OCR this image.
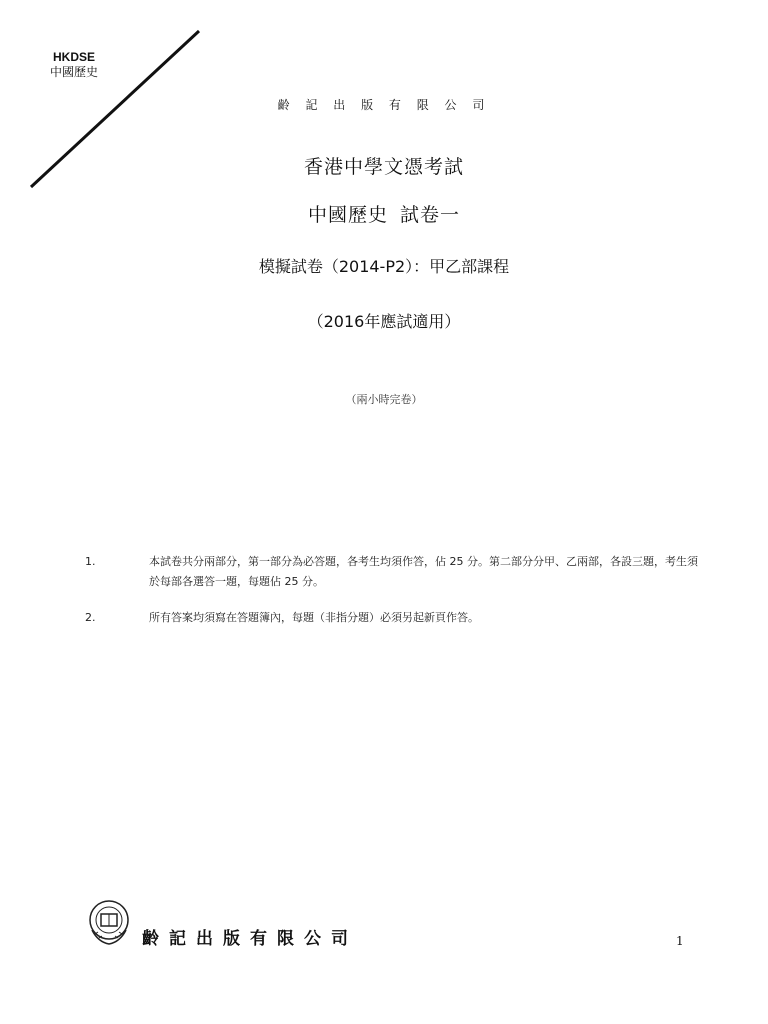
HKDSE
中國歷史
齡 記 出 版 有 限 公 司
香港中學文憑考試
中國歷史 試卷一
模擬試卷（2014-P2）：甲乙部課程
（2016年應試適用）
（兩小時完卷）
1.	本試卷共分兩部分，第一部分為必答題，各考生均須作答，佔 25 分。第二部分分甲、乙兩部，各設三題，考生須於每部各選答一題，每題佔 25 分。
2.	所有答案均須寫在答題簿內，每題（非指分題）必須另起新頁作答。
齡記出版有限公司	1
